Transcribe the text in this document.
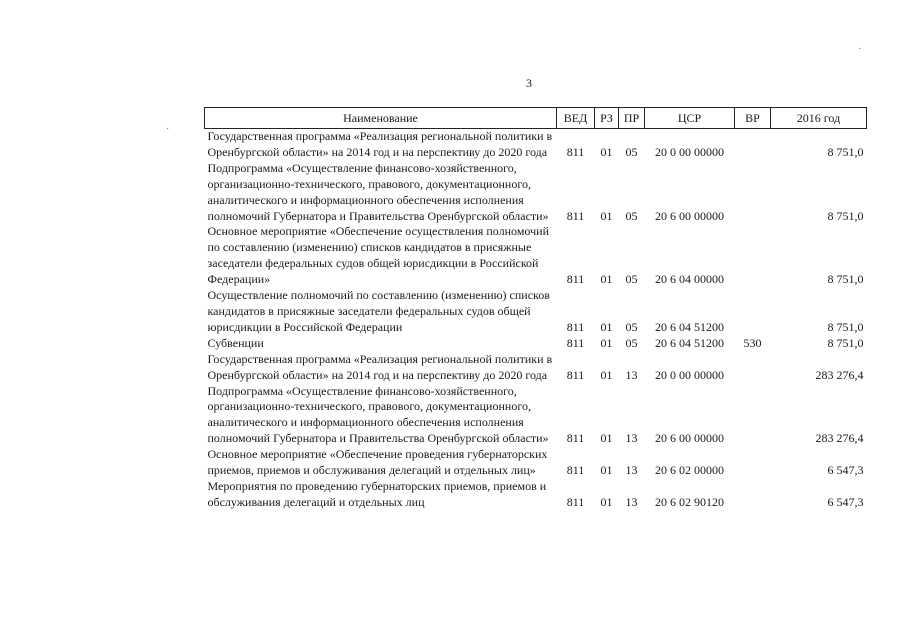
3
·
·
Наименование	ВЕД	РЗ	ПР	ЦСР	ВР	2016 год
Государственная программа «Реализация региональной политики в Оренбургской области» на 2014 год и на перспективу до 2020 года	811	01	05	20 0 00 00000		8 751,0
Подпрограмма «Осуществление финансово-хозяйственного, организационно-технического, правового, документационного, аналитического и информационного обеспечения исполнения полномочий Губернатора и Правительства Оренбургской области»	811	01	05	20 6 00 00000		8 751,0
Основное мероприятие «Обеспечение осуществления полномочий по составлению (изменению) списков кандидатов в присяжные заседатели федеральных судов общей юрисдикции в Российской Федерации»	811	01	05	20 6 04 00000		8 751,0
Осуществление полномочий по составлению (изменению) списков кандидатов в присяжные заседатели федеральных судов общей юрисдикции в Российской Федерации	811	01	05	20 6 04 51200		8 751,0
Субвенции	811	01	05	20 6 04 51200	530	8 751,0
Государственная программа «Реализация региональной политики в Оренбургской области» на 2014 год и на перспективу до 2020 года	811	01	13	20 0 00 00000		283 276,4
Подпрограмма «Осуществление финансово-хозяйственного, организационно-технического, правового, документационного, аналитического и информационного обеспечения исполнения полномочий Губернатора и Правительства Оренбургской области»	811	01	13	20 6 00 00000		283 276,4
Основное мероприятие «Обеспечение проведения губернаторских приемов, приемов и обслуживания делегаций и отдельных лиц»	811	01	13	20 6 02 00000		6 547,3
Мероприятия по проведению губернаторских приемов, приемов и обслуживания делегаций и отдельных лиц	811	01	13	20 6 02 90120		6 547,3
